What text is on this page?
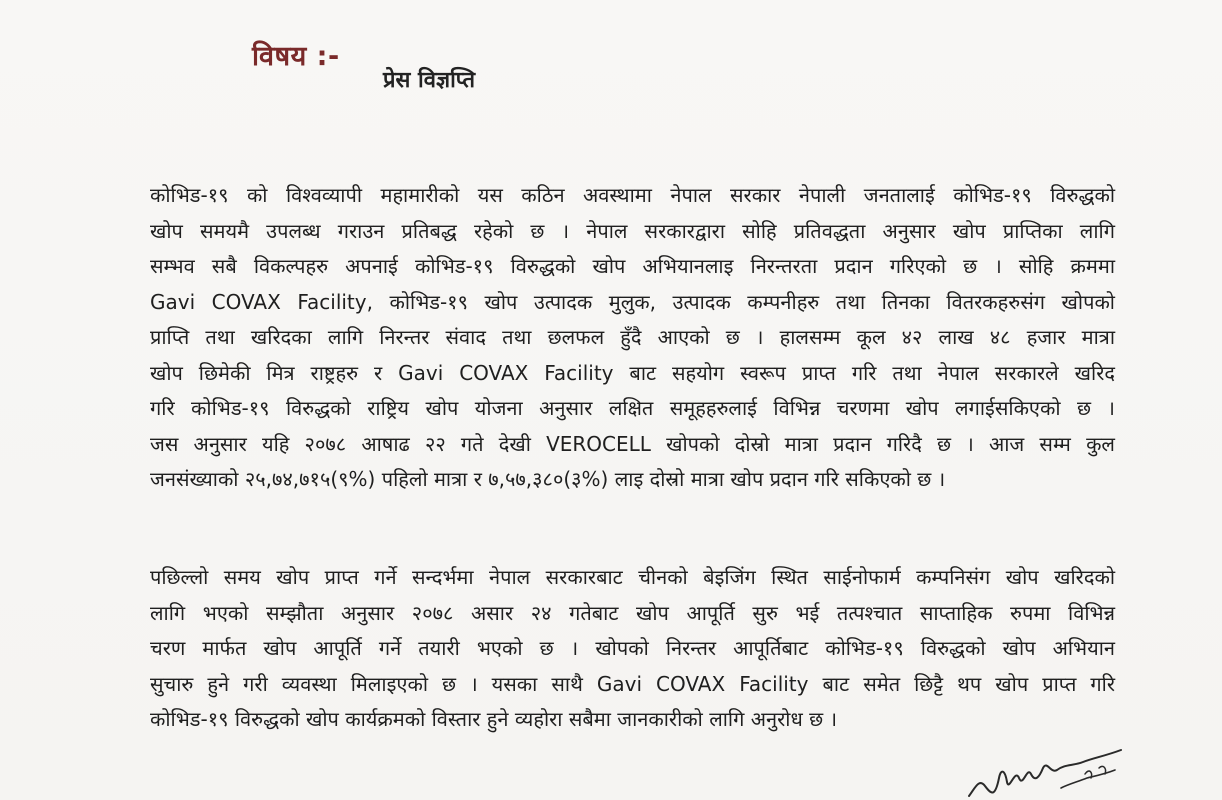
विषय :-
प्रेस विज्ञप्ति
कोभिड-१९ को विश्वव्यापी महामारीको यस कठिन अवस्थामा नेपाल सरकार नेपाली जनतालाई कोभिड-१९ विरुद्धको
खोप समयमै उपलब्ध गराउन प्रतिबद्ध रहेको छ । नेपाल सरकारद्वारा सोहि प्रतिवद्धता अनुसार खोप प्राप्तिका लागि
सम्भव सबै विकल्पहरु अपनाई कोभिड-१९ विरुद्धको खोप अभियानलाइ निरन्तरता प्रदान गरिएको छ । सोहि क्रममा
Gavi COVAX Facility, कोभिड-१९ खोप उत्पादक मुलुक, उत्पादक कम्पनीहरु तथा तिनका वितरकहरुसंग खोपको
प्राप्ति तथा खरिदका लागि निरन्तर संवाद तथा छलफल हुँदै आएको छ । हालसम्म कूल ४२ लाख ४८ हजार मात्रा
खोप छिमेकी मित्र राष्ट्रहरु र Gavi COVAX Facility बाट सहयोग स्वरूप प्राप्त गरि तथा नेपाल सरकारले खरिद
गरि कोभिड-१९ विरुद्धको राष्ट्रिय खोप योजना अनुसार लक्षित समूहहरुलाई विभिन्न चरणमा खोप लगाईसकिएको छ ।
जस अनुसार यहि २०७८ आषाढ २२ गते देखी VEROCELL खोपको दोस्रो मात्रा प्रदान गरिदै छ । आज सम्म कुल
जनसंख्याको २५,७४,७१५(९%) पहिलो मात्रा र ७,५७,३८०(३%) लाइ दोस्रो मात्रा खोप प्रदान गरि सकिएको छ ।
पछिल्लो समय खोप प्राप्त गर्ने सन्दर्भमा नेपाल सरकारबाट चीनको बेइजिंग स्थित साईनोफार्म कम्पनिसंग खोप खरिदको
लागि भएको सम्झौता अनुसार २०७८ असार २४ गतेबाट खोप आपूर्ति सुरु भई तत्पश्चात साप्ताहिक रुपमा विभिन्न
चरण मार्फत खोप आपूर्ति गर्ने तयारी भएको छ । खोपको निरन्तर आपूर्तिबाट कोभिड-१९ विरुद्धको खोप अभियान
सुचारु हुने गरी व्यवस्था मिलाइएको छ । यसका साथै Gavi COVAX Facility बाट समेत छिट्टै थप खोप प्राप्त गरि
कोभिड-१९ विरुद्धको खोप कार्यक्रमको विस्तार हुने व्यहोरा सबैमा जानकारीको लागि अनुरोध छ ।
